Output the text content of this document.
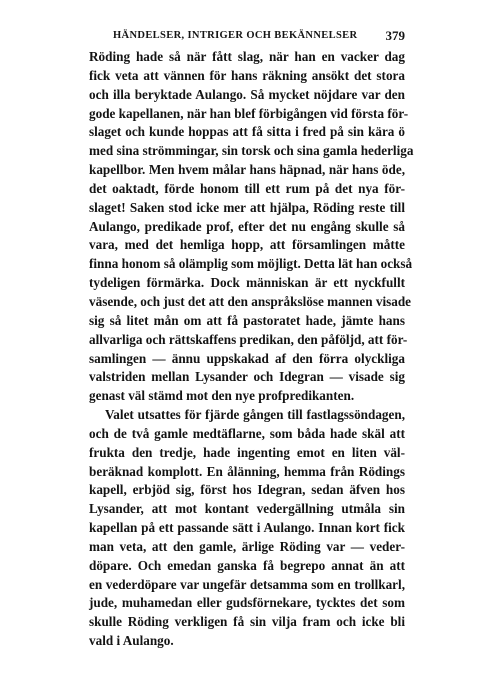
HÄNDELSER, INTRIGER OCH BEKÄNNELSER 379
Röding hade så när fått slag, när han en vacker dag
fick veta att vännen för hans räkning ansökt det stora
och illa beryktade Aulango. Så mycket nöjdare var den
gode kapellanen, när han blef förbigången vid första för-
slaget och kunde hoppas att få sitta i fred på sin kära ö
med sina strömmingar, sin torsk och sina gamla hederliga
kapellbor. Men hvem målar hans häpnad, när hans öde,
det oaktadt, förde honom till ett rum på det nya för-
slaget! Saken stod icke mer att hjälpa, Röding reste till
Aulango, predikade prof, efter det nu engång skulle så
vara, med det hemliga hopp, att församlingen måtte
finna honom så olämplig som möjligt. Detta lät han också
tydeligen förmärka. Dock människan är ett nyckfullt
väsende, och just det att den anspråkslöse mannen visade
sig så litet mån om att få pastoratet hade, jämte hans
allvarliga och rättskaffens predikan, den påföljd, att för-
samlingen — ännu uppskakad af den förra olyckliga
valstriden mellan Lysander och Idegran — visade sig
genast väl stämd mot den nye profpredikanten.
Valet utsattes för fjärde gången till fastlagssöndagen,
och de två gamle medtäflarne, som båda hade skäl att
frukta den tredje, hade ingenting emot en liten väl-
beräknad komplott. En ålänning, hemma från Rödings
kapell, erbjöd sig, först hos Idegran, sedan äfven hos
Lysander, att mot kontant vedergällning utmåla sin
kapellan på ett passande sätt i Aulango. Innan kort fick
man veta, att den gamle, ärlige Röding var — veder-
döpare. Och emedan ganska få begrepo annat än att
en vederdöpare var ungefär detsamma som en trollkarl,
jude, muhamedan eller gudsförnekare, tycktes det som
skulle Röding verkligen få sin vilja fram och icke bli
vald i Aulango.
